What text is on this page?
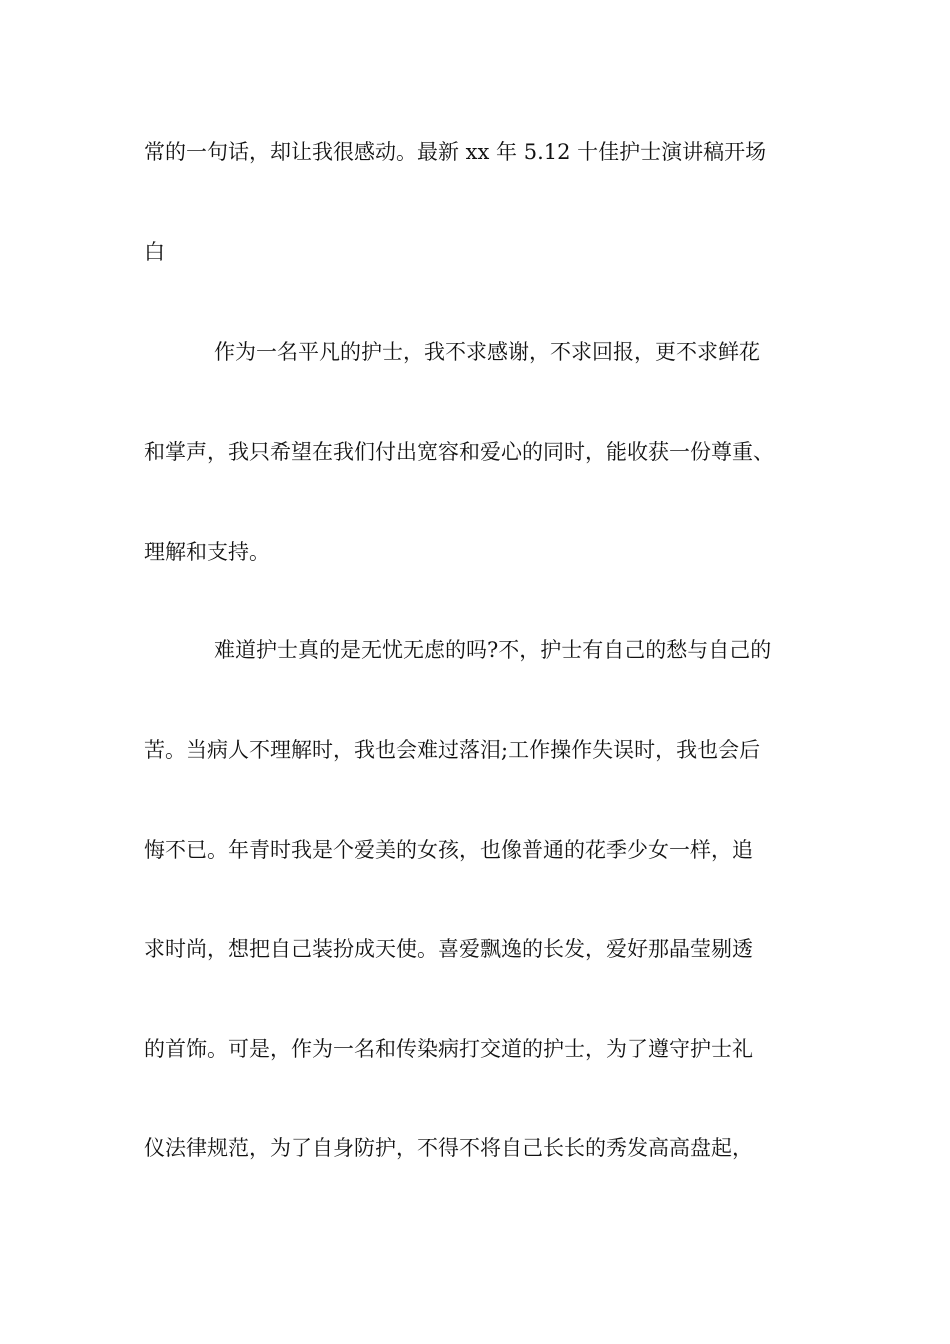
常的一句话，却让我很感动。最新 xx 年 5.12 十佳护士演讲稿开场
白
作为一名平凡的护士，我不求感谢，不求回报，更不求鲜花
和掌声，我只希望在我们付出宽容和爱心的同时，能收获一份尊重、
理解和支持。
难道护士真的是无忧无虑的吗?不，护士有自己的愁与自己的
苦。当病人不理解时，我也会难过落泪;工作操作失误时，我也会后
悔不已。年青时我是个爱美的女孩，也像普通的花季少女一样，追
求时尚，想把自己装扮成天使。喜爱飘逸的长发，爱好那晶莹剔透
的首饰。可是，作为一名和传染病打交道的护士，为了遵守护士礼
仪法律规范，为了自身防护，不得不将自己长长的秀发高高盘起，
